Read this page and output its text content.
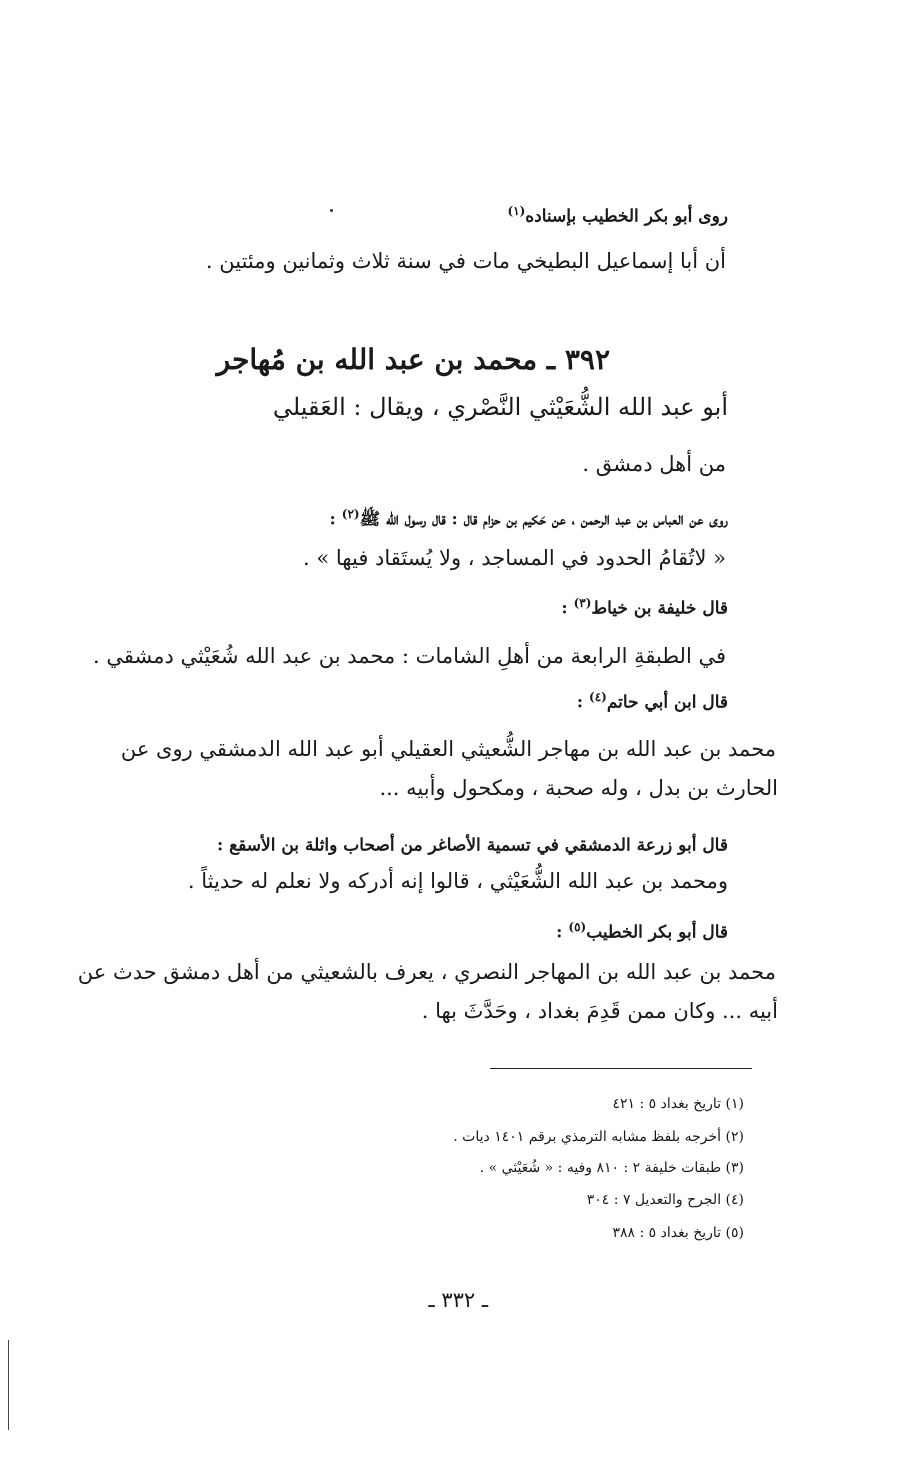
روى أبو بكر الخطيب بإسناده$^{(١)}$
أن أبا إسماعيل البطيخي مات في سنة ثلاث وثمانين ومئتين .
٣٩٢ ـ محمد بن عبد الله بن مُهاجر
أبو عبد الله الشُّعَيْثي النَّصْري ، ويقال : العَقيلي
من أهل دمشق .
روى عن العباس بن عبد الرحمن ، عن حَكيم بن حزام قال : قال رسول الله ﷺ$^{(٢)}$ :
« لاتُقامُ الحدود في المساجد ، ولا يُستَقاد فيها » .
قال خليفة بن خياط$^{(٣)}$ :
في الطبقةِ الرابعة من أهلِ الشامات : محمد بن عبد الله شُعَيْثي دمشقي .
قال ابن أبي حاتم$^{(٤)}$ :
محمد بن عبد الله بن مهاجر الشُّعيثي العقيلي أبو عبد الله الدمشقي روى عن
الحارث بن بدل ، وله صحبة ، ومكحول وأبيه ...
قال أبو زرعة الدمشقي في تسمية الأصاغر من أصحاب واثلة بن الأسقع :
ومحمد بن عبد الله الشُّعَيْثي ، قالوا إنه أدركه ولا نعلم له حديثاً .
قال أبو بكر الخطيب$^{(٥)}$ :
محمد بن عبد الله بن المهاجر النصري ، يعرف بالشعيثي من أهل دمشق حدث عن
أبيه ... وكان ممن قَدِمَ بغداد ، وحَدَّثَ بها .
(١) تاريخ بغداد ٥ : ٤٢١
(٢) أخرجه بلفظ مشابه الترمذي برقم ١٤٠١ ديات .
(٣) طبقات خليفة ٢ : ٨١٠ وفيه : « شُعَيْثي » .
(٤) الجرح والتعديل ٧ : ٣٠٤
(٥) تاريخ بغداد ٥ : ٣٨٨
ـ ٣٣٢ ـ
